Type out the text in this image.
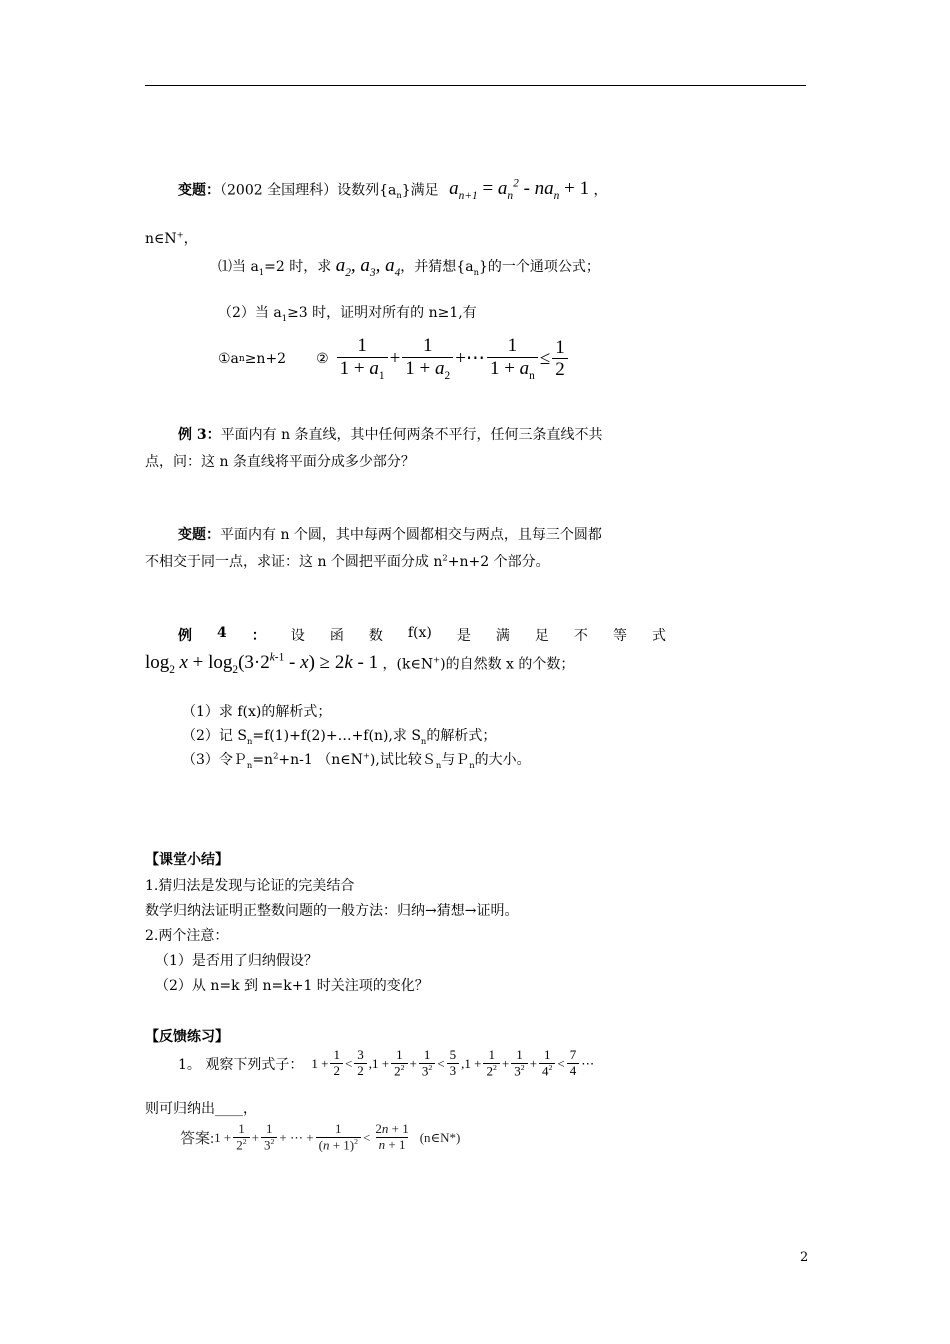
变题：（2002 全国理科）设数列$\{a_n\}$满足 $a_{n+1} = a_n^2 - na_n + 1$ ，
n∈N+，
⑴当 $a_1=2$ 时，求 $a_2$, $a_3$, $a_4$，并猜想$\{a_n\}$的一个通项公式；
（2）当 $a_1\ge 3$ 时，证明对所有的 n≥1,有
①a n ≥n+2 ② $\frac{1}{1 + a_1} + \frac{1}{1 + a_2}$ +⋯ $\frac{1}{1 + a_n} \le \frac{1}{2}$
例 3：平面内有 n 条直线，其中任何两条不平行，任何三条直线不共
点，问：这 n 条直线将平面分成多少部分？
变题：平面内有 n 个圆，其中每两个圆都相交与两点，且每三个圆都
不相交于同一点，求证：这 n 个圆把平面分成 $n^2+n+2$ 个部分。
例 4 ： 设 函 数 f(x) 是 满 足 不 等 式
$\log_2 x + \log_2(3\cdot 2^{k-1} - x) \ge 2k - 1$ ，(k∈N+)的自然数 x 的个数；
（1）求 f(x)的解析式；
（2）记 $S_n=f(1)+f(2)+\dots+f(n)$,求 $S_n$的解析式；
（3）令$P_n=n^2+n-1$ （n∈N+),试比较Ｓ$_n$与Ｐ$_n$的大小。
【课堂小结】
1.猜归法是发现与论证的完美结合
数学归纳法证明正整数问题的一般方法：归纳→猜想→证明。
2.两个注意：
（1）是否用了归纳假设？
（2）从 n=k 到 n=k+1 时关注项的变化？
【反馈练习】
1。 观察下列式子： $1 + \frac{1}{2} < \frac{3}{2} ,1 + \frac{1}{2^2} + \frac{1}{3^2} < \frac{5}{3} ,1 + \frac{1}{2^2} + \frac{1}{3^2} + \frac{1}{4^2} < \frac{7}{4}$ ⋯
则可归纳出____，
答案: $1 + \frac{1}{2^2} + \frac{1}{3^2}$ + ⋯ + $\frac{1}{(n + 1)^2} < \frac{2n + 1}{n + 1}$ (n∈N*)
2
